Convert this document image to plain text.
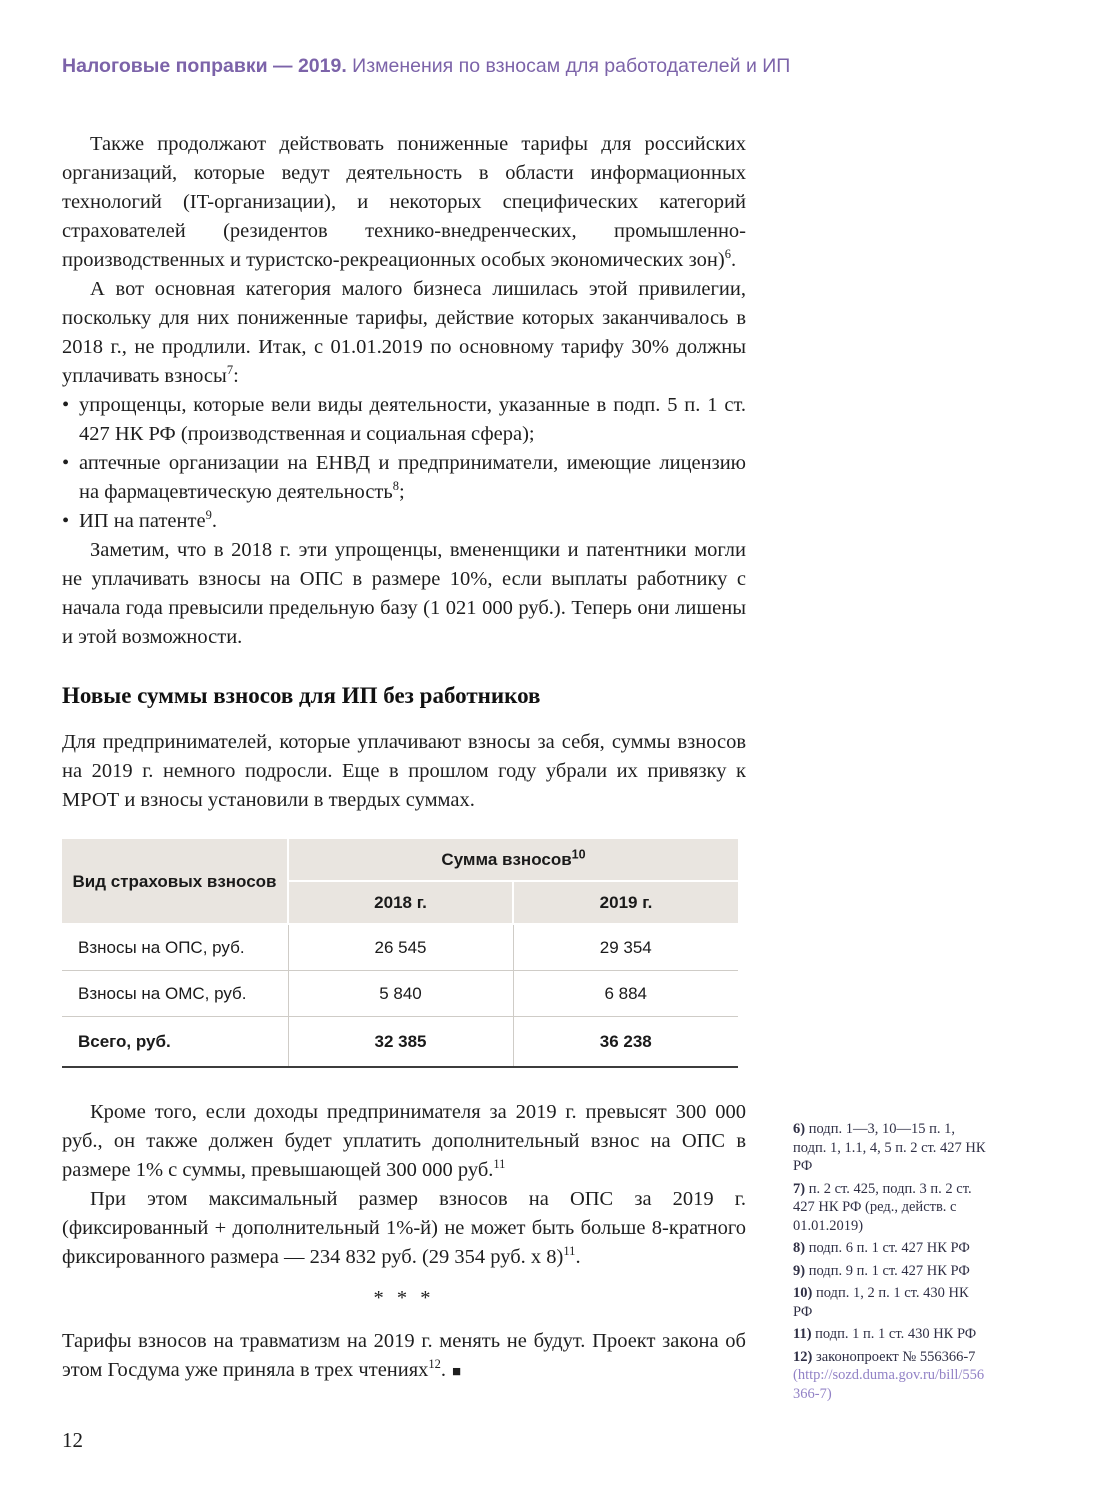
Налоговые поправки — 2019. Изменения по взносам для работодателей и ИП

Также продолжают действовать пониженные тарифы для российских организаций, которые ведут деятельность в области информационных технологий (IT-организации), и некоторых специфических категорий страхователей (резидентов технико-внедренческих, промышленно-производственных и туристско-рекреационных особых экономических зон)$^6$.

А вот основная категория малого бизнеса лишилась этой привилегии, поскольку для них пониженные тарифы, действие которых заканчивалось в 2018 г., не продлили. Итак, с 01.01.2019 по основному тарифу 30% должны уплачивать взносы$^7$:

• упрощенцы, которые вели виды деятельности, указанные в подп. 5 п. 1 ст. 427 НК РФ (производственная и социальная сфера);
• аптечные организации на ЕНВД и предприниматели, имеющие лицензию на фармацевтическую деятельность$^8$;
• ИП на патенте$^9$.

Заметим, что в 2018 г. эти упрощенцы, вмененщики и патентники могли не уплачивать взносы на ОПС в размере 10%, если выплаты работнику с начала года превысили предельную базу (1 021 000 руб.). Теперь они лишены и этой возможности.

Новые суммы взносов для ИП без работников

Для предпринимателей, которые уплачивают взносы за себя, суммы взносов на 2019 г. немного подросли. Еще в прошлом году убрали их привязку к МРОТ и взносы установили в твердых суммах.

Вид страховых взносов	Сумма взносов$^{10}$
	2018 г.	2019 г.
Взносы на ОПС, руб.	26 545	29 354
Взносы на ОМС, руб.	5 840	6 884
Всего, руб.	32 385	36 238

Кроме того, если доходы предпринимателя за 2019 г. превысят 300 000 руб., он также должен будет уплатить дополнительный взнос на ОПС в размере 1% с суммы, превышающей 300 000 руб.$^{11}$

При этом максимальный размер взносов на ОПС за 2019 г. (фиксированный + дополнительный 1%-й) не может быть больше 8-кратного фиксированного размера — 234 832 руб. (29 354 руб. x 8)$^{11}$.

* * *

Тарифы взносов на травматизм на 2019 г. менять не будут. Проект закона об этом Госдума уже приняла в трех чтениях$^{12}$. ■

6) подп. 1—3, 10—15 п. 1, подп. 1, 1.1, 4, 5 п. 2 ст. 427 НК РФ
7) п. 2 ст. 425, подп. 3 п. 2 ст. 427 НК РФ (ред., действ. с 01.01.2019)
8) подп. 6 п. 1 ст. 427 НК РФ
9) подп. 9 п. 1 ст. 427 НК РФ
10) подп. 1, 2 п. 1 ст. 430 НК РФ
11) подп. 1 п. 1 ст. 430 НК РФ
12) законопроект № 556366-7 (http://sozd.duma.gov.ru/bill/556366-7)
12
